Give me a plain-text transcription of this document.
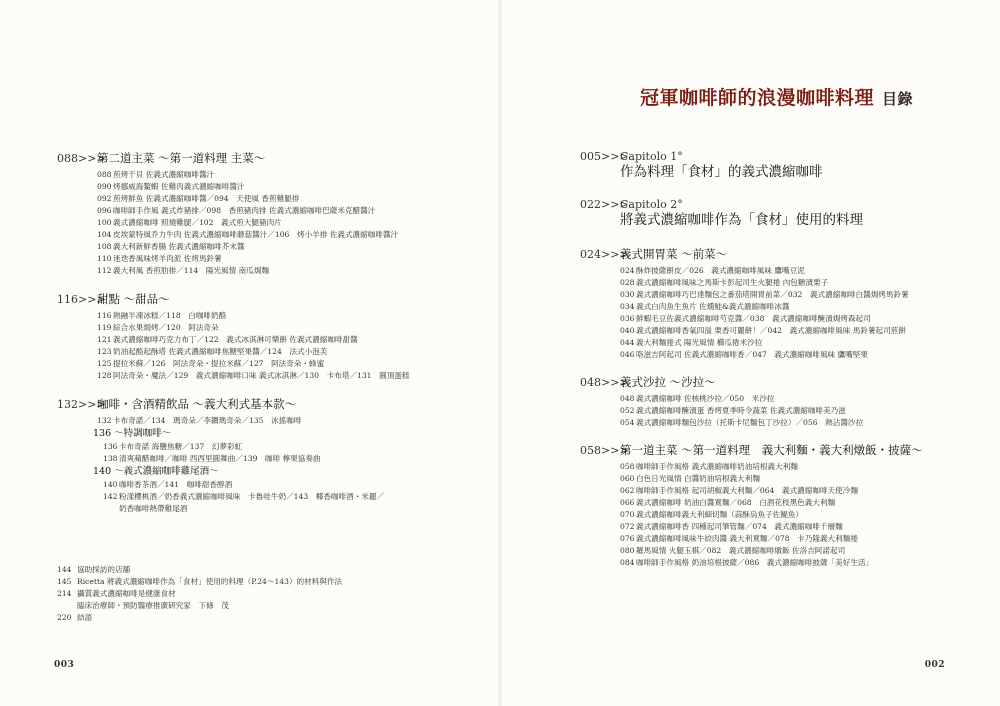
088>>>
第二道主菜 ～第一道料理 主菜～
088 煎烤干貝 佐義式濃縮咖啡醬汁
090 烤挪威海鰲蝦 佐雞肉義式濃縮咖啡醬汁
092 煎烤鮮魚 佐義式濃縮咖啡醬／094　天使風 香煎雞腿排
096 咖啡師手作風 義式炸豬排／098　香煎豬肉排 佐義式濃縮咖啡巴薩米克醋醬汁
100 義式濃縮咖啡 照燒雞腿／102　義式煎大腿豬肉片
104 皮埃蒙特風乔力牛肉 佐義式濃縮咖啡蘑菇醬汁／106　烤小羊排 佐義式濃縮咖啡醬汁
108 義大利新鮮香腸 佐義式濃縮咖啡芥末醬
110 迷迭香風味烤羊肉派 佐烤馬鈴薯
112 義大利風 香煎肋排／114　陽光風情 南瓜焗麵
116>>>
甜點 ～甜品～
116 熱融半凍冰糕／118　白咖啡奶酪
119 綜合水果焗烤／120　阿法奇朵
121 義式濃縮咖啡巧克力布丁／122　義式冰淇淋可樂餅 佐義式濃縮咖啡甜醬
123 奶油起酪起酥塔 佐義式濃縮咖啡焦糖堅果醬／124　法式小泡芙
125 提拉米蘇／126　阿法奇朵・提拉米蘇／127　阿法奇朵・蜂蜜
128 阿法奇朵・魔法／129　義式濃縮咖啡口味 義式冰淇淋／130　卡布塔／131　圓頂蛋糕
132>>>
咖啡・含酒精飲品 ～義大利式基本款～
132 卡布奇諾／134　瑪奇朵／李鑽瑪奇朵／135　冰搖咖啡
136 ～特調咖啡～
136 卡布奇諾 海鹽焦糖／137　幻夢彩虹
138 清爽蘋醋咖啡／咖啡 西西里圓舞曲／139　咖啡 檸果協奏曲
140 ～義式濃縮咖啡雞尾酒～
140 咖啡香茶酒／141　咖啡甜香醇酒
142 粉漾櫻桃酒／奶香義式濃縮咖啡風味　卡魯哇牛奶／143　椰香咖啡酒・米麗／
奶香咖啡熱帶雞尾酒
144 協助採訪的店舖
145 Ricetta 將義式濃縮咖啡作為「食材」使用的料理（P.24～143）的材料與作法
214 攝質義式濃縮咖啡是健康食材
臨床治療師・預防醫療推廣研究家　下條　茂
220 結語
003
冠軍咖啡師的浪漫咖啡料理 目錄
005>>>
Capitolo 1°
作為料理「食材」的義式濃縮咖啡
022>>>
Capitolo 2°
將義式濃縮咖啡作為「食材」使用的料理
024>>>
義式開胃菜 ～前菜～
024 酥炸披薩餅皮／026　義式濃縮咖啡風味 鷹嘴豆泥
028 義式濃縮咖啡風味之馬斯卡彭起司生火腿捲 內包糖漬栗子
030 義式濃縮咖啡巧巴達麵包之番茄塔開胃前菜／032　義式濃縮咖啡白醬焗烤馬鈴薯
034 義式白肉魚生魚片 佐燻鮭&義式濃縮咖啡冰醬
036 鮮蝦毛豆佐義式濃縮咖啡芍克醬／038　義式濃縮咖啡醃漬焗烤森起司
040 義式濃縮咖啡香氣四溢 栗香可麗餅！／042　義式濃縮咖啡風味 馬鈴薯起司煎餅
044 義大利麵捲式 陽光風情 櫛瓜捲米沙拉
046 咯滋吉阿起司 佐義式濃縮咖啡香／047　義式濃縮咖啡風味 鷹嘴堅果
048>>>
義式沙拉 ～沙拉～
048 義式濃縮咖啡 佐核桃沙拉／050　米沙拉
052 義式濃縮咖啡醃漬蛋 香烤夏季時令蔬菜 佐義式濃縮咖啡美乃滋
054 義式濃縮咖啡麵包沙拉（托斯卡尼麵包丁沙拉）／056　熱沾醬沙拉
058>>>
第一道主菜 ～第一道料理　義大利麵・義大利燉飯・披薩～
058 咖啡師手作風格 義式濃縮咖啡奶油培根義大利麵
060 白色日光風情 白醬奶油培根義大利麵
062 咖啡師手作風格 起司胡椒義大利麵／064　義式濃縮咖啡天使冷麵
066 義式濃縮咖啡 奶油白醬寬麵／068　白酒花枝黑色義大利麵
070 義式濃縮咖啡義大利細切麵（蒜酥烏魚子佐鯷魚）
072 義式濃縮咖啡香 四種起司筆管麵／074　義式濃縮咖啡千層麵
076 義式濃縮咖啡風味牛絞肉醬 義大利寬麵／078　卡乃隆義大利麵捲
080 羅馬風情 火腿玉棋／082　義式濃縮咖啡燉飯 佐洛吉阿諾起司
084 咖啡師手作風格 奶油培根披薩／086　義式濃縮咖啡披薩「美好生活」
002
